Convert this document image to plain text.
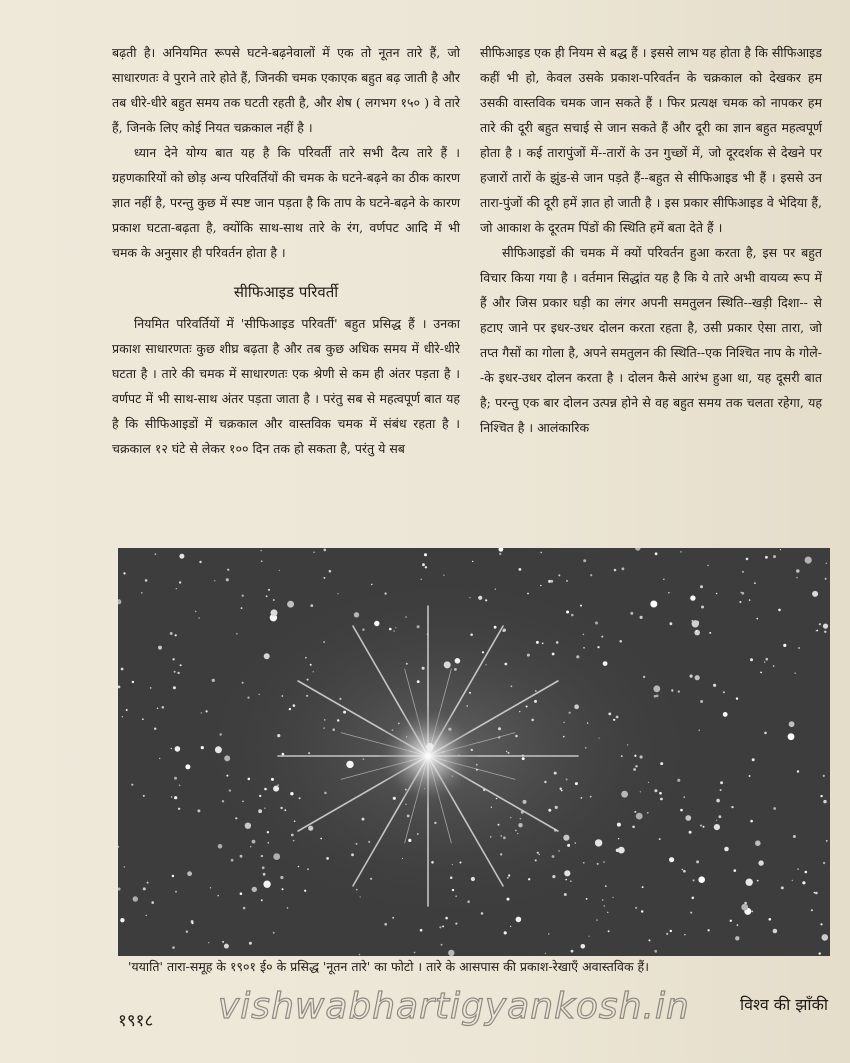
बढ़ती है। अनियमित रूपसे घटने-बढ़नेवालों में एक तो नूतन तारे हैं, जो साधारणतः वे पुराने तारे होते हैं, जिनकी चमक एकाएक बहुत बढ़ जाती है और तब धीरे-धीरे बहुत समय तक घटती रहती है, और शेष ( लगभग १५० ) वे तारे हैं, जिनके लिए कोई नियत चक्रकाल नहीं है ।

ध्यान देने योग्य बात यह है कि परिवर्ती तारे सभी दैत्य तारे हैं । ग्रहणकारियों को छोड़ अन्य परिवर्तियों की चमक के घटने-बढ़ने का ठीक कारण ज्ञात नहीं है, परन्तु कुछ में स्पष्ट जान पड़ता है कि ताप के घटने-बढ़ने के कारण प्रकाश घटता-बढ़ता है, क्योंकि साथ-साथ तारे के रंग, वर्णपट आदि में भी चमक के अनुसार ही परिवर्तन होता है ।

सीफिआइड परिवर्ती

नियमित परिवर्तियों में 'सीफिआइड परिवर्ती' बहुत प्रसिद्ध हैं । उनका प्रकाश साधारणतः कुछ शीघ्र बढ़ता है और तब कुछ अधिक समय में धीरे-धीरे घटता है । तारे की चमक में साधारणतः एक श्रेणी से कम ही अंतर पड़ता है । वर्णपट में भी साथ-साथ अंतर पड़ता जाता है । परंतु सब से महत्वपूर्ण बात यह है कि सीफिआइडों में चक्रकाल और वास्तविक चमक में संबंध रहता है । चक्रकाल १२ घंटे से लेकर १०० दिन तक हो सकता है, परंतु ये सब

सीफिआइड एक ही नियम से बद्ध हैं । इससे लाभ यह होता है कि सीफिआइड कहीं भी हो, केवल उसके प्रकाश-परिवर्तन के चक्रकाल को देखकर हम उसकी वास्तविक चमक जान सकते हैं । फिर प्रत्यक्ष चमक को नापकर हम तारे की दूरी बहुत सचाई से जान सकते हैं और दूरी का ज्ञान बहुत महत्वपूर्ण होता है । कई तारापुंजों में--तारों के उन गुच्छों में, जो दूरदर्शक से देखने पर हजारों तारों के झुंड-से जान पड़ते हैं--बहुत से सीफिआइड भी हैं । इससे उन तारा-पुंजों की दूरी हमें ज्ञात हो जाती है । इस प्रकार सीफिआइड वे भेदिया हैं, जो आकाश के दूरतम पिंडों की स्थिति हमें बता देते हैं ।

सीफिआइडों की चमक में क्यों परिवर्तन हुआ करता है, इस पर बहुत विचार किया गया है । वर्तमान सिद्धांत यह है कि ये तारे अभी वायव्य रूप में हैं और जिस प्रकार घड़ी का लंगर अपनी समतुलन स्थिति--खड़ी दिशा-- से हटाए जाने पर इधर-उधर दोलन करता रहता है, उसी प्रकार ऐसा तारा, जो तप्त गैसों का गोला है, अपने समतुलन की स्थिति--एक निश्चित नाप के गोले--के इधर-उधर दोलन करता है । दोलन कैसे आरंभ हुआ था, यह दूसरी बात है; परन्तु एक बार दोलन उत्पन्न होने से वह बहुत समय तक चलता रहेगा, यह निश्चित है । आलंकारिक

'ययाति' तारा-समूह के १९०१ ई० के प्रसिद्ध 'नूतन तारे' का फोटो । तारे के आसपास की प्रकाश-रेखाएँ अवास्तविक हैं।
१९१८ vishwabhartigyankosh.in	विश्व की झाँकी
